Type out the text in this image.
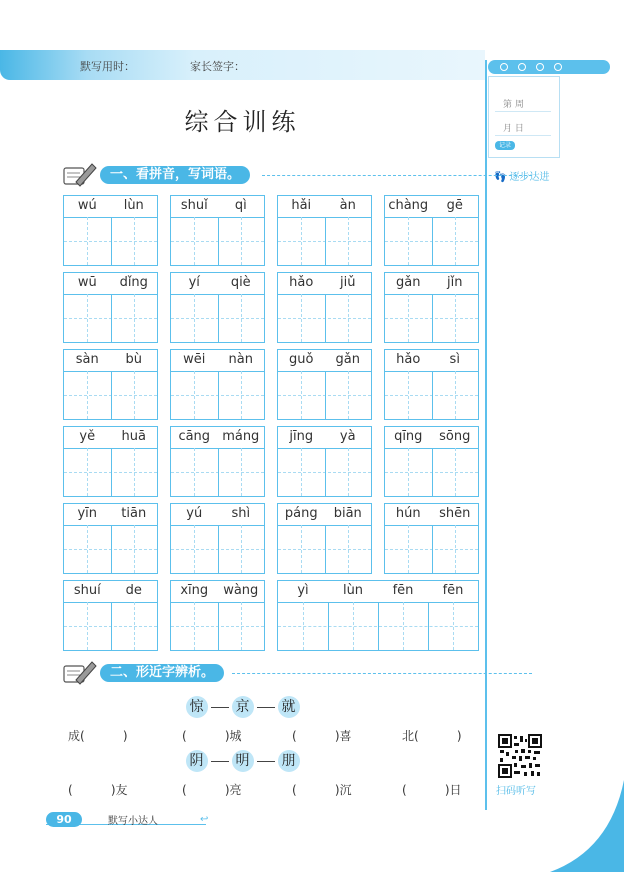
默写用时：	家长签字：
第 周
月 日
记录
👣 逐步达进
综合训练
一、看拼音，写词语。
wú	lùn	shuǐ	qì	hǎi	àn	chàng	gē
wū	dǐng	yí	qiè	hǎo	jiǔ	gǎn	jǐn
sàn	bù	wēi	nàn	guǒ	gǎn	hǎo	sì
yě	huā	cāng máng	jīng	yà	qīng	sōng
yīn	tiān	yú	shì	páng	biān	hún	shēn
shuí	de	xīng	wàng	yì	lùn	fēn	fēn
二、形近字辨析。
惊 京 就
成(          )	(          )城	(          )喜	北(          )
阴 明 朋
(          )友	(          )亮	(          )沉	(          )日	扫码听写
90	默写小达人	↩
